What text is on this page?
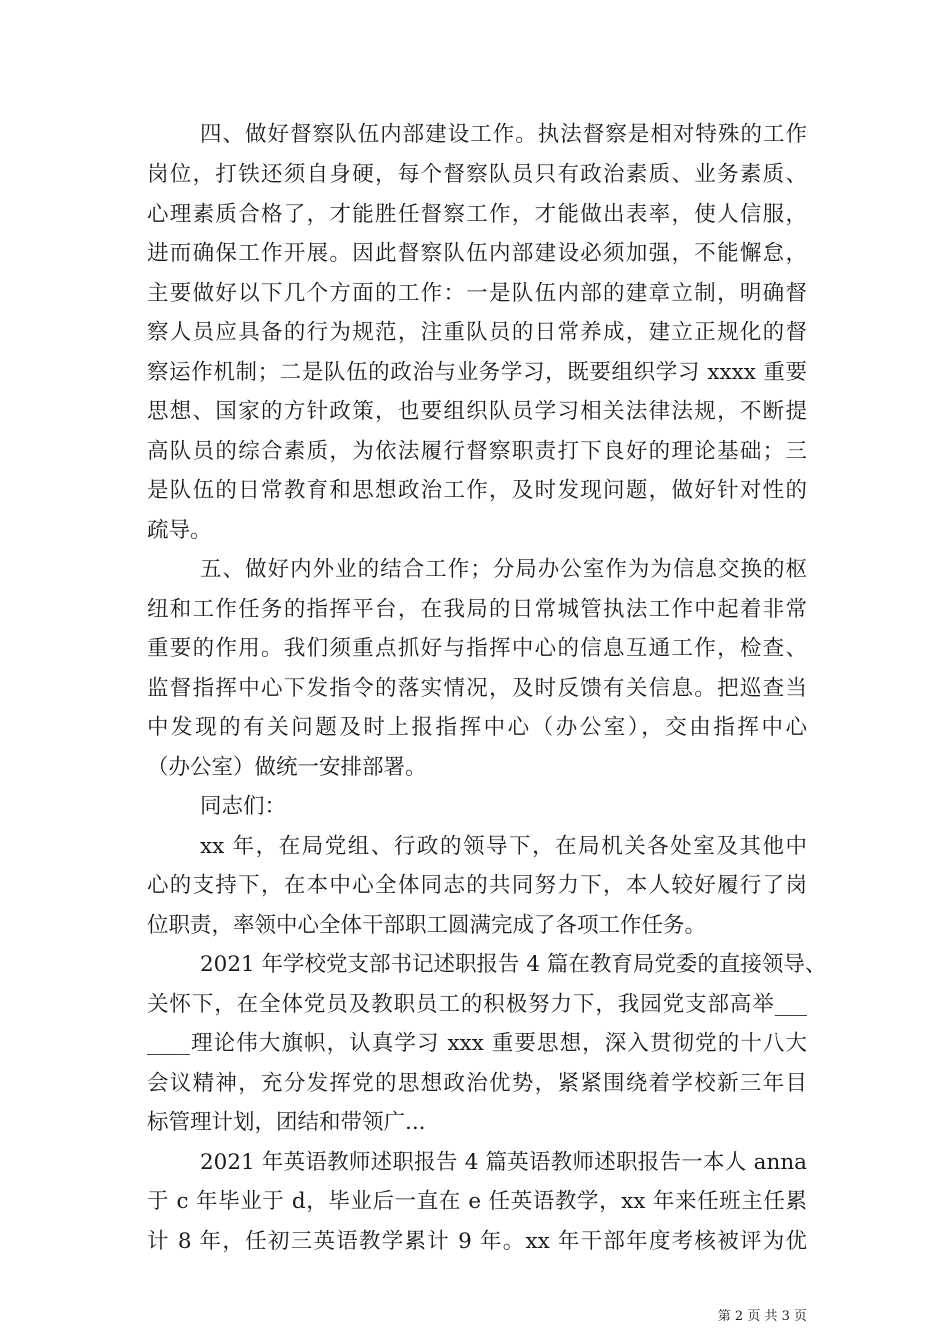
四、做好督察队伍内部建设工作。执法督察是相对特殊的工作

岗位，打铁还须自身硬，每个督察队员只有政治素质、业务素质、

心理素质合格了，才能胜任督察工作，才能做出表率，使人信服，

进而确保工作开展。因此督察队伍内部建设必须加强，不能懈怠，

主要做好以下几个方面的工作：一是队伍内部的建章立制，明确督

察人员应具备的行为规范，注重队员的日常养成，建立正规化的督

察运作机制；二是队伍的政治与业务学习，既要组织学习 xxxx 重要

思想、国家的方针政策，也要组织队员学习相关法律法规，不断提

高队员的综合素质，为依法履行督察职责打下良好的理论基础；三

是队伍的日常教育和思想政治工作，及时发现问题，做好针对性的

疏导。

五、做好内外业的结合工作；分局办公室作为为信息交换的枢

纽和工作任务的指挥平台，在我局的日常城管执法工作中起着非常

重要的作用。我们须重点抓好与指挥中心的信息互通工作，检查、

监督指挥中心下发指令的落实情况，及时反馈有关信息。把巡查当

中发现的有关问题及时上报指挥中心（办公室），交由指挥中心

（办公室）做统一安排部署。

同志们：

xx 年，在局党组、行政的领导下，在局机关各处室及其他中

心的支持下，在本中心全体同志的共同努力下，本人较好履行了岗

位职责，率领中心全体干部职工圆满完成了各项工作任务。

2021 年学校党支部书记述职报告 4 篇在教育局党委的直接领导、

关怀下，在全体党员及教职员工的积极努力下，我园党支部高举___

____理论伟大旗帜，认真学习 xxx 重要思想，深入贯彻党的十八大

会议精神，充分发挥党的思想政治优势，紧紧围绕着学校新三年目

标管理计划，团结和带领广...

2021 年英语教师述职报告 4 篇英语教师述职报告一本人 anna

于 c 年毕业于 d，毕业后一直在 e 任英语教学，xx 年来任班主任累

计 8 年，任初三英语教学累计 9 年。xx 年干部年度考核被评为优

第 2 页 共 3 页
